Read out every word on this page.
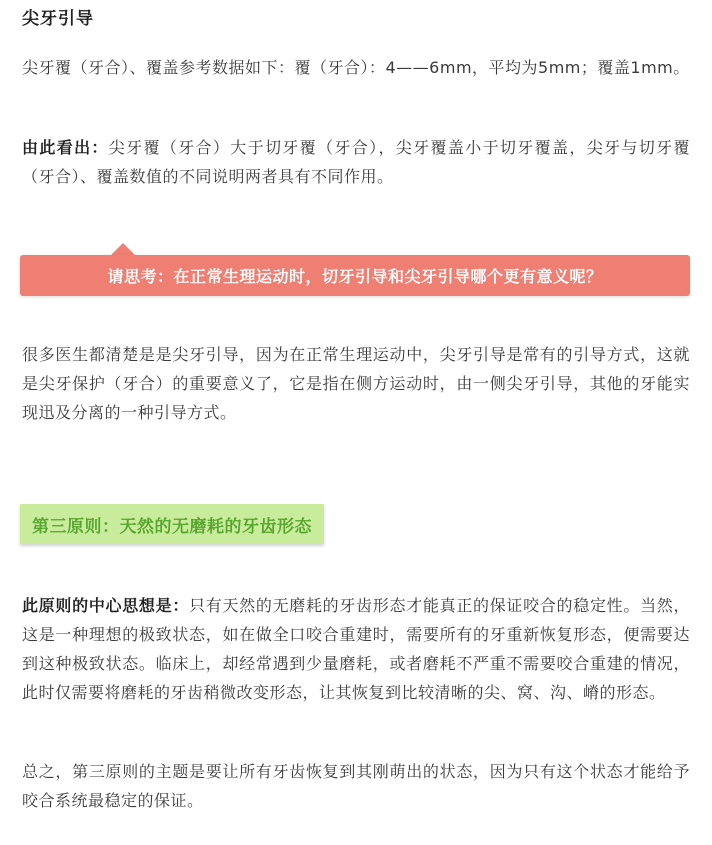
尖牙引导

尖牙覆（牙合）、覆盖参考数据如下：覆（牙合）：4——6mm，平均为5mm；覆盖1mm。

由此看出：尖牙覆（牙合）大于切牙覆（牙合），尖牙覆盖小于切牙覆盖，尖牙与切牙覆（牙合）、覆盖数值的不同说明两者具有不同作用。

请思考：在正常生理运动时，切牙引导和尖牙引导哪个更有意义呢？

很多医生都清楚是是尖牙引导，因为在正常生理运动中，尖牙引导是常有的引导方式，这就是尖牙保护（牙合）的重要意义了，它是指在侧方运动时，由一侧尖牙引导，其他的牙能实现迅及分离的一种引导方式。

第三原则：天然的无磨耗的牙齿形态

此原则的中心思想是：只有天然的无磨耗的牙齿形态才能真正的保证咬合的稳定性。当然，这是一种理想的极致状态，如在做全口咬合重建时，需要所有的牙重新恢复形态，便需要达到这种极致状态。临床上，却经常遇到少量磨耗，或者磨耗不严重不需要咬合重建的情况，此时仅需要将磨耗的牙齿稍微改变形态，让其恢复到比较清晰的尖、窝、沟、嵴的形态。

总之，第三原则的主题是要让所有牙齿恢复到其刚萌出的状态，因为只有这个状态才能给予咬合系统最稳定的保证。
